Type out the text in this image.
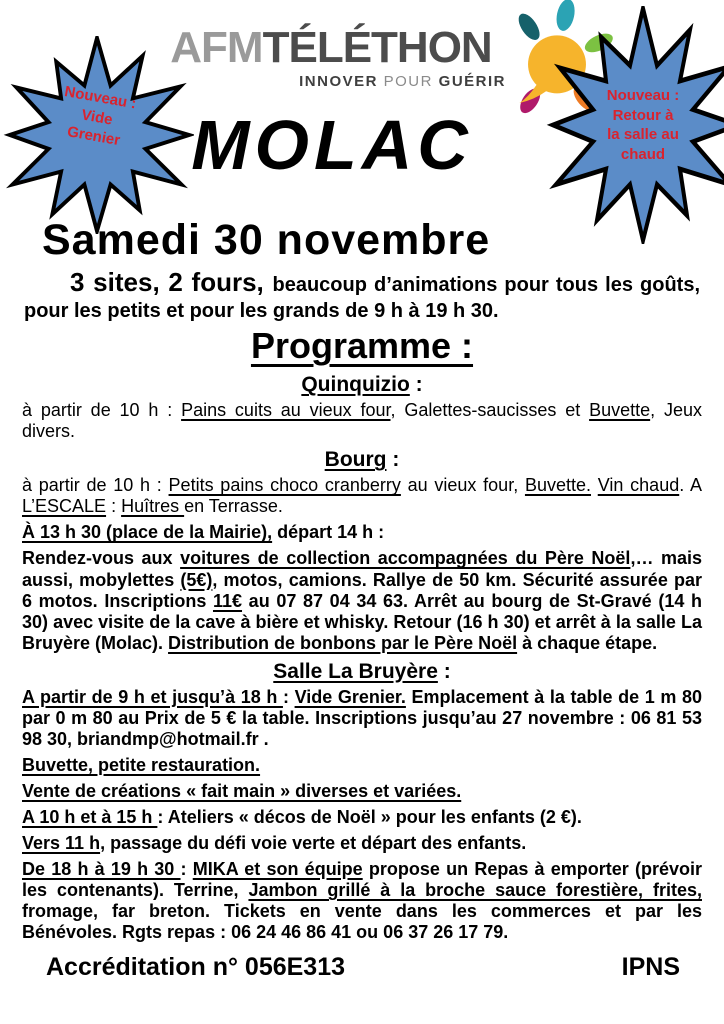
AFMTÉLÉTHON
INNOVER POUR GUÉRIR
Nouveau :
Vide
Grenier
Nouveau :
Retour à
la salle au
chaud
MOLAC
Samedi 30 novembre

3 sites, 2 fours, beaucoup d’animations pour tous les goûts, pour les petits et pour les grands de 9 h à 19 h 30.

Programme :
Quinquizio :

à partir de 10 h : Pains cuits au vieux four, Galettes-saucisses et Buvette, Jeux divers.

Bourg :

à partir de 10 h : Petits pains choco cranberry au vieux four, Buvette. Vin chaud. A L’ESCALE : Huîtres en Terrasse.

À 13 h 30 (place de la Mairie), départ 14 h :

Rendez-vous aux voitures de collection accompagnées du Père Noël,… mais aussi, mobylettes (5€), motos, camions. Rallye de 50 km. Sécurité assurée par 6 motos. Inscriptions 11€ au 07 87 04 34 63. Arrêt au bourg de St-Gravé (14 h 30) avec visite de la cave à bière et whisky. Retour (16 h 30) et arrêt à la salle La Bruyère (Molac). Distribution de bonbons par le Père Noël à chaque étape.

Salle La Bruyère :

A partir de 9 h et jusqu’à 18 h : Vide Grenier. Emplacement à la table de 1 m 80 par 0 m 80 au Prix de 5 € la table. Inscriptions jusqu’au 27 novembre : 06 81 53 98 30, briandmp@hotmail.fr .

Buvette, petite restauration.

Vente de créations « fait main » diverses et variées.

A 10 h et à 15 h : Ateliers « décos de Noël » pour les enfants (2 €).

Vers 11 h, passage du défi voie verte et départ des enfants.

De 18 h à 19 h 30 : MIKA et son équipe propose un Repas à emporter (prévoir les contenants). Terrine, Jambon grillé à la broche sauce forestière, frites, fromage, far breton. Tickets en vente dans les commerces et par les Bénévoles. Rgts repas : 06 24 46 86 41 ou 06 37 26 17 79.

Accréditation n° 056E313	IPNS
